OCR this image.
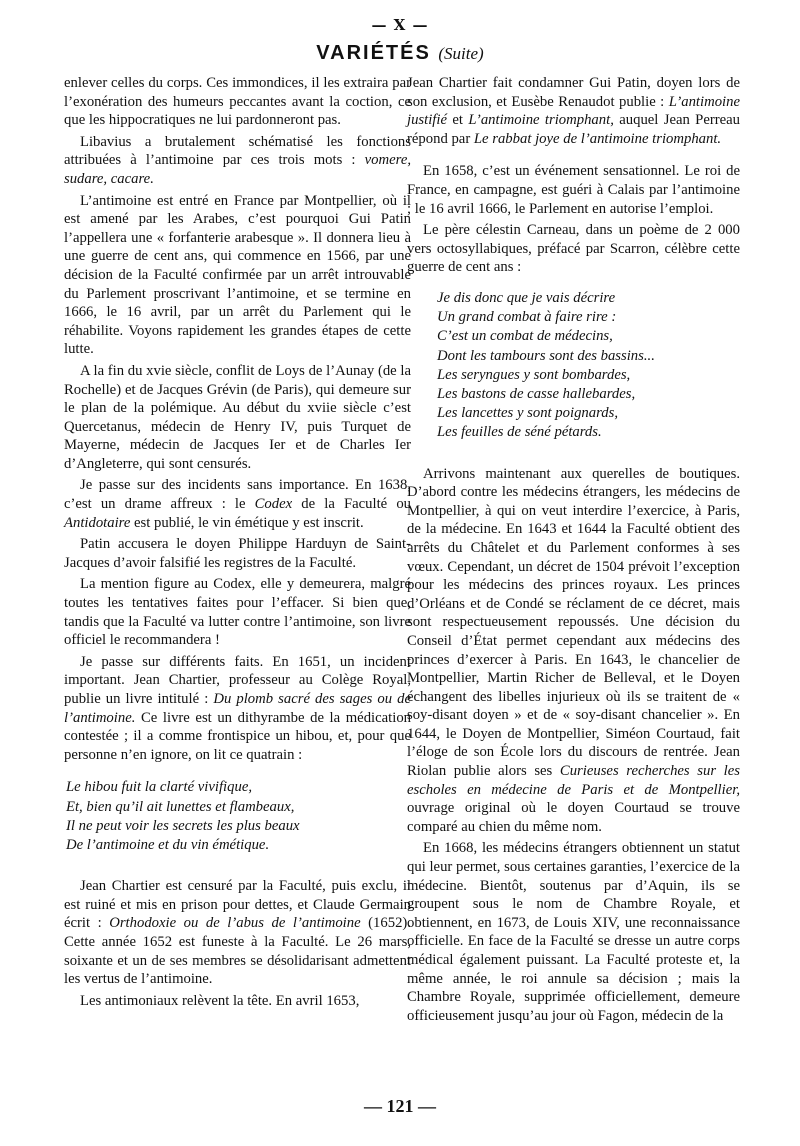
— X —
VARIÉTÉS (Suite)

enlever celles du corps. Ces immondices, il les extraira par l’exonération des humeurs peccantes avant la coction, ce que les hippocratiques ne lui pardonneront pas.

Libavius a brutalement schématisé les fonctions attribuées à l’antimoine par ces trois mots : vomere, sudare, cacare.

L’antimoine est entré en France par Montpellier, où il est amené par les Arabes, c’est pourquoi Gui Patin l’appellera une « forfanterie arabesque ». Il donnera lieu à une guerre de cent ans, qui commence en 1566, par une décision de la Faculté confirmée par un arrêt introuvable du Parlement proscrivant l’antimoine, et se termine en 1666, le 16 avril, par un arrêt du Parlement qui le réhabilite. Voyons rapidement les grandes étapes de cette lutte.

A la fin du xvie siècle, conflit de Loys de l’Aunay (de la Rochelle) et de Jacques Grévin (de Paris), qui demeure sur le plan de la polémique. Au début du xviie siècle c’est Quercetanus, médecin de Henry IV, puis Turquet de Mayerne, médecin de Jacques Ier et de Charles Ier d’Angleterre, qui sont censurés.

Je passe sur des incidents sans importance. En 1638, c’est un drame affreux : le Codex de la Faculté ou Antidotaire est publié, le vin émétique y est inscrit.

Patin accusera le doyen Philippe Harduyn de Saint-Jacques d’avoir falsifié les registres de la Faculté.

La mention figure au Codex, elle y demeurera, malgré toutes les tentatives faites pour l’effacer. Si bien que, tandis que la Faculté va lutter contre l’antimoine, son livre officiel le recommandera !

Je passe sur différents faits. En 1651, un incident important. Jean Chartier, professeur au Colège Royal, publie un livre intitulé : Du plomb sacré des sages ou de l’antimoine. Ce livre est un dithyrambe de la médication contestée ; il a comme frontispice un hibou, et, pour que personne n’en ignore, on lit ce quatrain :

Le hibou fuit la clarté vivifique,
Et, bien qu’il ait lunettes et flambeaux,
Il ne peut voir les secrets les plus beaux
De l’antimoine et du vin émétique.

Jean Chartier est censuré par la Faculté, puis exclu, il est ruiné et mis en prison pour dettes, et Claude Germain écrit : Orthodoxie ou de l’abus de l’antimoine (1652). Cette année 1652 est funeste à la Faculté. Le 26 mars, soixante et un de ses membres se désolidarisant admettent les vertus de l’antimoine.

Les antimoniaux relèvent la tête. En avril 1653,

Jean Chartier fait condamner Gui Patin, doyen lors de son exclusion, et Eusèbe Renaudot publie : L’antimoine justifié et L’antimoine triomphant, auquel Jean Perreau répond par Le rabbat joye de l’antimoine triomphant.

En 1658, c’est un événement sensationnel. Le roi de France, en campagne, est guéri à Calais par l’antimoine ; le 16 avril 1666, le Parlement en autorise l’emploi.

Le père célestin Carneau, dans un poème de 2 000 vers octosyllabiques, préfacé par Scarron, célèbre cette guerre de cent ans :

Je dis donc que je vais décrire
Un grand combat à faire rire :
C’est un combat de médecins,
Dont les tambours sont des bassins...
Les seryngues y sont bombardes,
Les bastons de casse hallebardes,
Les lancettes y sont poignards,
Les feuilles de séné pétards.

Arrivons maintenant aux querelles de boutiques. D’abord contre les médecins étrangers, les médecins de Montpellier, à qui on veut interdire l’exercice, à Paris, de la médecine. En 1643 et 1644 la Faculté obtient des arrêts du Châtelet et du Parlement conformes à ses vœux. Cependant, un décret de 1504 prévoit l’exception pour les médecins des princes royaux. Les princes d’Orléans et de Condé se réclament de ce décret, mais sont respectueusement repoussés. Une décision du Conseil d’État permet cependant aux médecins des princes d’exercer à Paris. En 1643, le chancelier de Montpellier, Martin Richer de Belleval, et le Doyen échangent des libelles injurieux où ils se traitent de « soy-disant doyen » et de « soy-disant chancelier ». En 1644, le Doyen de Montpellier, Siméon Courtaud, fait l’éloge de son École lors du discours de rentrée. Jean Riolan publie alors ses Curieuses recherches sur les escholes en médecine de Paris et de Montpellier, ouvrage original où le doyen Courtaud se trouve comparé au chien du même nom.

En 1668, les médecins étrangers obtiennent un statut qui leur permet, sous certaines garanties, l’exercice de la médecine. Bientôt, soutenus par d’Aquin, ils se groupent sous le nom de Chambre Royale, et obtiennent, en 1673, de Louis XIV, une reconnaissance officielle. En face de la Faculté se dresse un autre corps médical également puissant. La Faculté proteste et, la même année, le roi annule sa décision ; mais la Chambre Royale, supprimée officiellement, demeure officieusement jusqu’au jour où Fagon, médecin de la

— 121 —
